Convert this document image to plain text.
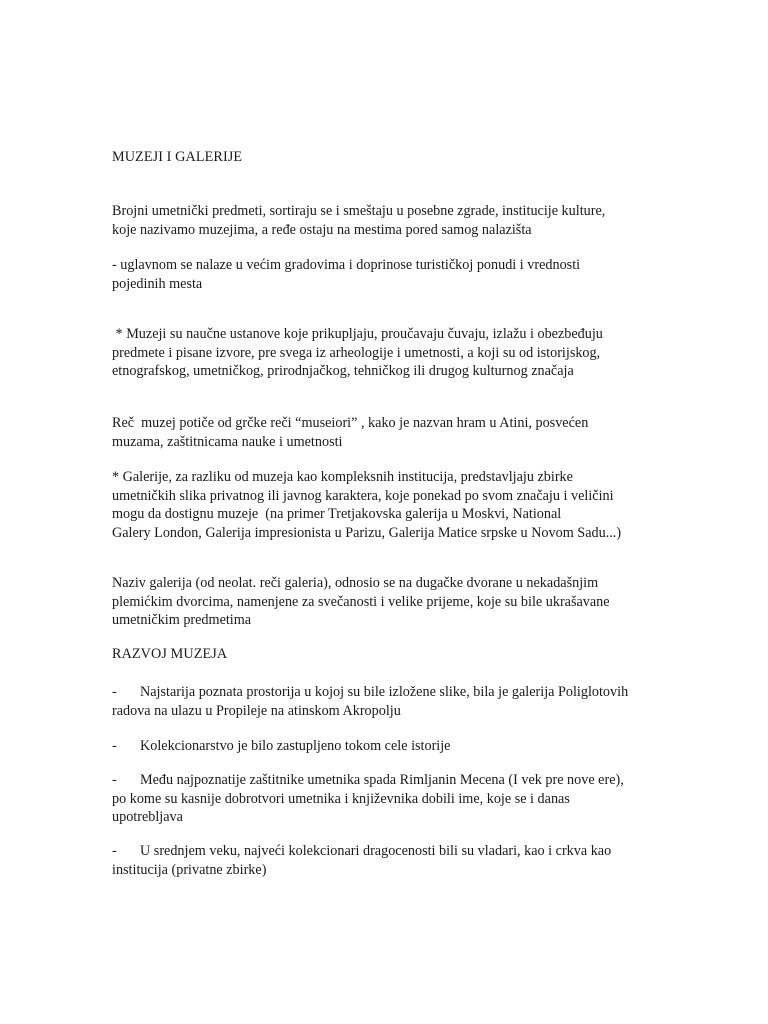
MUZEJI I GALERIJE
Brojni umetnički predmeti, sortiraju se i smeštaju u posebne zgrade, institucije kulture,
koje nazivamo muzejima, a ređe ostaju na mestima pored samog nalazišta
- uglavnom se nalaze u većim gradovima i doprinose turističkoj ponudi i vrednosti
pojedinih mesta
* Muzeji su naučne ustanove koje prikupljaju, proučavaju čuvaju, izlažu i obezbeđuju
predmete i pisane izvore, pre svega iz arheologije i umetnosti, a koji su od istorijskog,
etnografskog, umetničkog, prirodnjačkog, tehničkog ili drugog kulturnog značaja
Reč  muzej potiče od grčke reči “museiori” , kako je nazvan hram u Atini, posvećen
muzama, zaštitnicama nauke i umetnosti
* Galerije, za razliku od muzeja kao kompleksnih institucija, predstavljaju zbirke
umetničkih slika privatnog ili javnog karaktera, koje ponekad po svom značaju i veličini
mogu da dostignu muzeje  (na primer Tretjakovska galerija u Moskvi, National
Galery London, Galerija impresionista u Parizu, Galerija Matice srpske u Novom Sadu...)
Naziv galerija (od neolat. reči galeria), odnosio se na dugačke dvorane u nekadašnjim
plemićkim dvorcima, namenjene za svečanosti i velike prijeme, koje su bile ukrašavane
umetničkim predmetima
RAZVOJ MUZEJA
- Najstarija poznata prostorija u kojoj su bile izložene slike, bila je galerija Poliglotovih
radova na ulazu u Propileje na atinskom Akropolju
- Kolekcionarstvo je bilo zastupljeno tokom cele istorije
- Među najpoznatije zaštitnike umetnika spada Rimljanin Mecena (I vek pre nove ere),
po kome su kasnije dobrotvori umetnika i književnika dobili ime, koje se i danas
upotrebljava
- U srednjem veku, najveći kolekcionari dragocenosti bili su vladari, kao i crkva kao
institucija (privatne zbirke)
